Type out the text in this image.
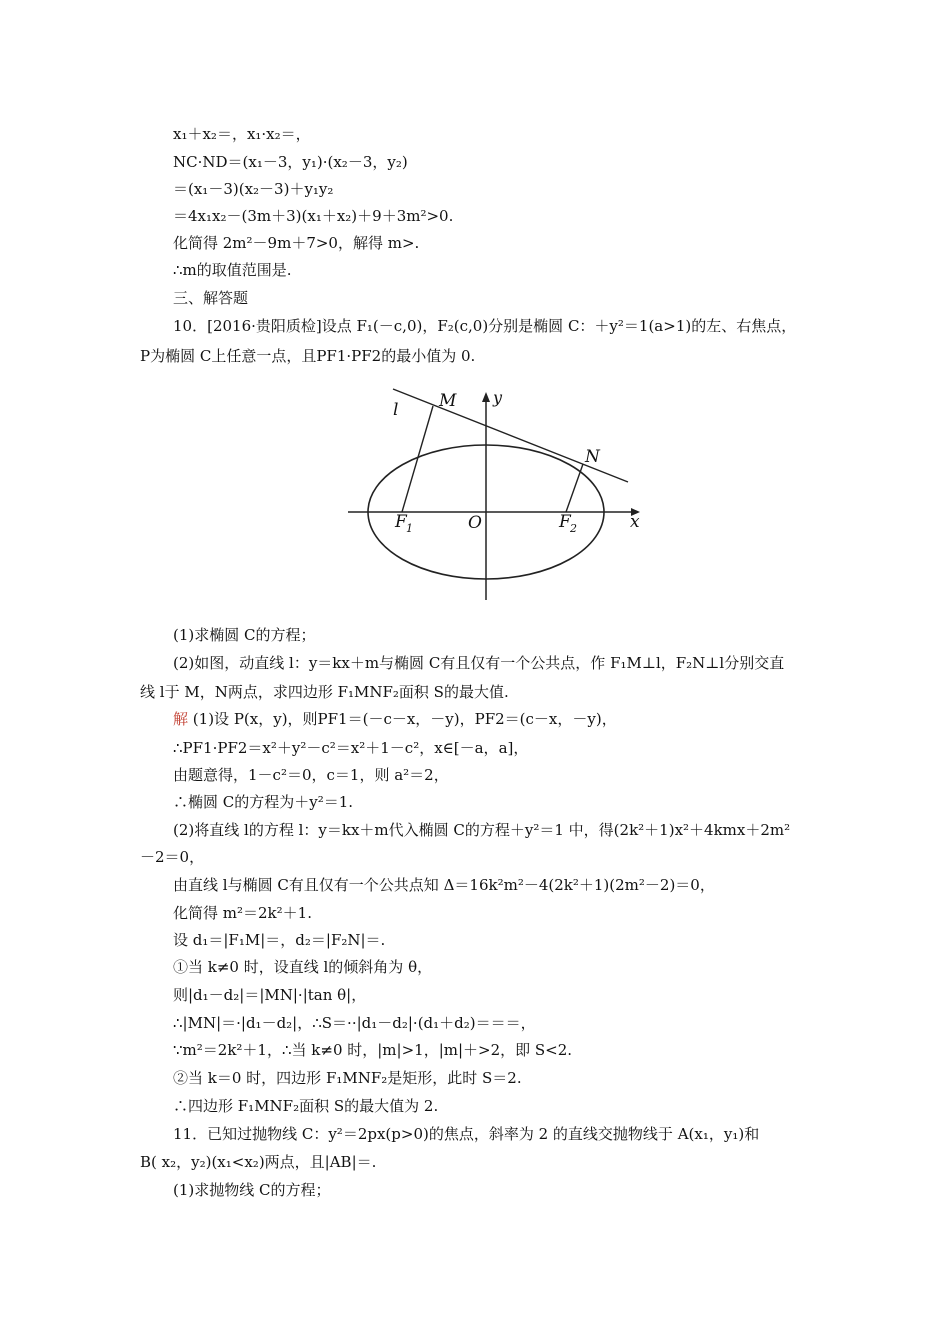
x₁＋x₂＝，x₁·x₂＝，
NC·ND＝(x₁－3，y₁)·(x₂－3，y₂)
＝(x₁－3)(x₂－3)＋y₁y₂
＝4x₁x₂－(3m＋3)(x₁＋x₂)＋9＋3m²>0.
化简得 2m²－9m＋7>0，解得 m>.
∴m的取值范围是.
三、解答题
10．[2016·贵阳质检]设点 F₁(－c,0)，F₂(c,0)分别是椭圆 C：＋y²＝1(a>1)的左、右焦点，
P为椭圆 C上任意一点，且PF1·PF2的最小值为 0.
M
l
y
N
F 1	O	F 2	x
(1)求椭圆 C的方程；
(2)如图，动直线 l：y＝kx＋m与椭圆 C有且仅有一个公共点，作 F₁M⊥l，F₂N⊥l分别交直
线 l于 M，N两点，求四边形 F₁MNF₂面积 S的最大值.
解 (1)设 P(x，y)，则PF1＝(－c－x，－y)，PF2＝(c－x，－y)，
∴PF1·PF2＝x²＋y²－c²＝x²＋1－c²，x∈[－a，a]，
由题意得，1－c²＝0，c＝1，则 a²＝2，
∴椭圆 C的方程为＋y²＝1.
(2)将直线 l的方程 l：y＝kx＋m代入椭圆 C的方程＋y²＝1 中，得(2k²＋1)x²＋4kmx＋2m²
－2＝0，
由直线 l与椭圆 C有且仅有一个公共点知 Δ＝16k²m²－4(2k²＋1)(2m²－2)＝0，
化简得 m²＝2k²＋1.
设 d₁＝|F₁M|＝，d₂＝|F₂N|＝.
①当 k≠0 时，设直线 l的倾斜角为 θ，
则|d₁－d₂|＝|MN|·|tan θ|，
∴|MN|＝·|d₁－d₂|，∴S＝··|d₁－d₂|·(d₁＋d₂)＝＝＝，
∵m²＝2k²＋1，∴当 k≠0 时，|m|>1，|m|＋>2，即 S<2.
②当 k＝0 时，四边形 F₁MNF₂是矩形，此时 S＝2.
∴四边形 F₁MNF₂面积 S的最大值为 2.
11．已知过抛物线 C：y²＝2px(p>0)的焦点，斜率为 2 的直线交抛物线于 A(x₁，y₁)和
B( x₂，y₂)(x₁<x₂)两点，且|AB|＝.
(1)求抛物线 C的方程；
